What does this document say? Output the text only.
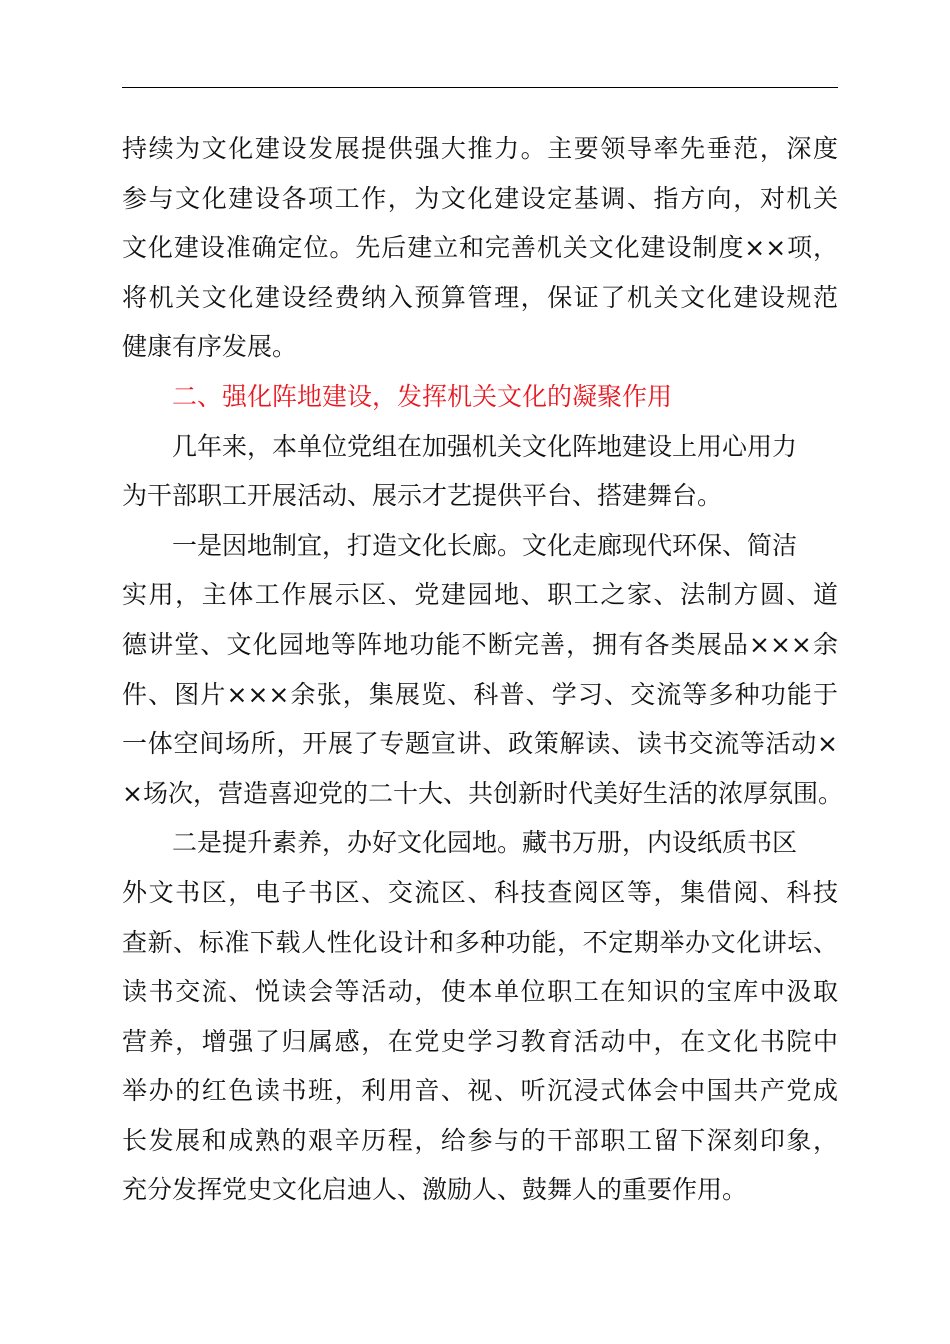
持续为文化建设发展提供强大推力。主要领导率先垂范，深度
参与文化建设各项工作，为文化建设定基调、指方向，对机关
文化建设准确定位。先后建立和完善机关文化建设制度××项，
将机关文化建设经费纳入预算管理，保证了机关文化建设规范
健康有序发展。
二、强化阵地建设，发挥机关文化的凝聚作用
几年来，本单位党组在加强机关文化阵地建设上用心用力
为干部职工开展活动、展示才艺提供平台、搭建舞台。
一是因地制宜，打造文化长廊。文化走廊现代环保、简洁
实用，主体工作展示区、党建园地、职工之家、法制方圆、道
德讲堂、文化园地等阵地功能不断完善，拥有各类展品×××余
件、图片×××余张，集展览、科普、学习、交流等多种功能于
一体空间场所，开展了专题宣讲、政策解读、读书交流等活动×
×场次，营造喜迎党的二十大、共创新时代美好生活的浓厚氛围。
二是提升素养，办好文化园地。藏书万册，内设纸质书区
外文书区，电子书区、交流区、科技查阅区等，集借阅、科技
查新、标准下载人性化设计和多种功能，不定期举办文化讲坛、
读书交流、悦读会等活动，使本单位职工在知识的宝库中汲取
营养，增强了归属感，在党史学习教育活动中，在文化书院中
举办的红色读书班，利用音、视、听沉浸式体会中国共产党成
长发展和成熟的艰辛历程，给参与的干部职工留下深刻印象，
充分发挥党史文化启迪人、激励人、鼓舞人的重要作用。
